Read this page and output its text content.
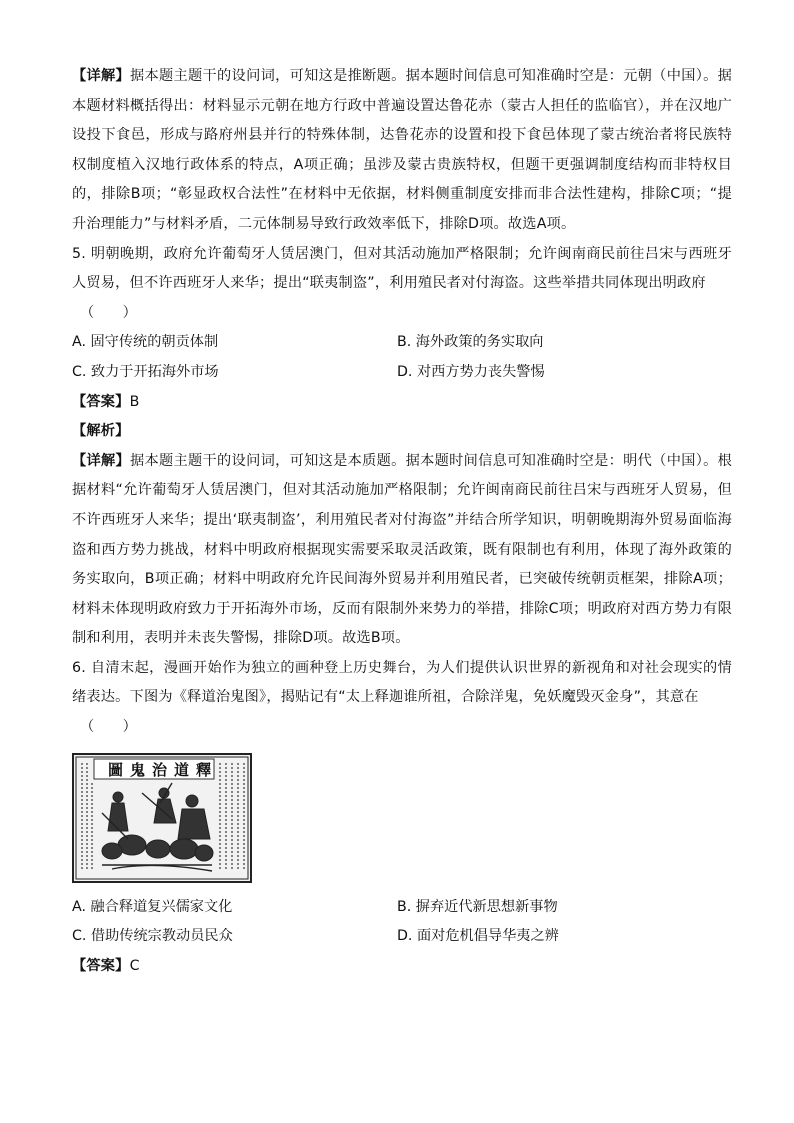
【详解】据本题主题干的设问词，可知这是推断题。据本题时间信息可知准确时空是：元朝（中国）。据本题材料概括得出：材料显示元朝在地方行政中普遍设置达鲁花赤（蒙古人担任的监临官），并在汉地广设投下食邑，形成与路府州县并行的特殊体制，达鲁花赤的设置和投下食邑体现了蒙古统治者将民族特权制度植入汉地行政体系的特点，A项正确；虽涉及蒙古贵族特权，但题干更强调制度结构而非特权目的，排除B项；“彰显政权合法性”在材料中无依据，材料侧重制度安排而非合法性建构，排除C项；“提升治理能力”与材料矛盾，二元体制易导致行政效率低下，排除D项。故选A项。

5. 明朝晚期，政府允许葡萄牙人赁居澳门，但对其活动施加严格限制；允许闽南商民前往吕宋与西班牙人贸易，但不许西班牙人来华；提出“联夷制盗”，利用殖民者对付海盗。这些举措共同体现出明政府

（　　）

A. 固守传统的朝贡体制	B. 海外政策的务实取向
C. 致力于开拓海外市场	D. 对西方势力丧失警惕

【答案】B

【解析】

【详解】据本题主题干的设问词，可知这是本质题。据本题时间信息可知准确时空是：明代（中国）。根据材料“允许葡萄牙人赁居澳门，但对其活动施加严格限制；允许闽南商民前往吕宋与西班牙人贸易，但不许西班牙人来华；提出‘联夷制盗’，利用殖民者对付海盗”并结合所学知识，明朝晚期海外贸易面临海盗和西方势力挑战，材料中明政府根据现实需要采取灵活政策，既有限制也有利用，体现了海外政策的务实取向，B项正确；材料中明政府允许民间海外贸易并利用殖民者，已突破传统朝贡框架，排除A项；材料未体现明政府致力于开拓海外市场，反而有限制外来势力的举措，排除C项；明政府对西方势力有限制和利用，表明并未丧失警惕，排除D项。故选B项。

6. 自清末起，漫画开始作为独立的画种登上历史舞台，为人们提供认识世界的新视角和对社会现实的情绪表达。下图为《释道治鬼图》，揭贴记有“太上释迦谁所祖，合除洋鬼，免妖魔毁灭金身”，其意在

（　　）

圖 鬼 治 道 釋
A. 融合释道复兴儒家文化	B. 摒弃近代新思想新事物
C. 借助传统宗教动员民众	D. 面对危机倡导华夷之辨

【答案】C
